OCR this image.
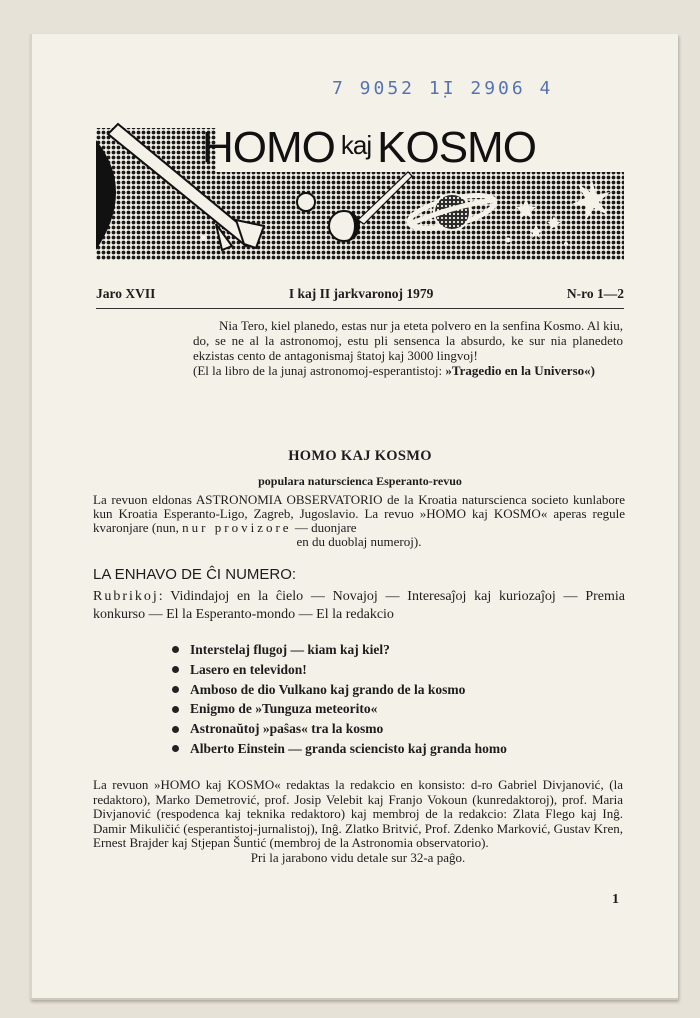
7 9052 1̣I 2906 4
HOMO kaj KOSMO
Jaro XVII	I kaj II jarkvaronoj 1979	N-ro 1—2

Nia Tero, kiel planedo, estas nur ja eteta polvero en la senfina Kosmo. Al kiu, do, se ne al la astronomoj, estu pli sensenca la absurdo, ke sur nia planedeto ekzistas cento de antagonismaj ŝtatoj kaj 3000 lingvoj!

(El la libro de la junaj astronomoj-esperantistoj: »Tragedio en la Universo«)

HOMO KAJ KOSMO
popularа natursciencа Esperanto-revuo
La revuon eldonas ASTRONOMIA OBSERVATORIO de la Kroatia natursciencа societo kunlabore kun Kroatia Esperanto-Ligo, Zagreb, Jugoslavio. La revuo »HOMO kaj KOSMO« aperas regule kvaronjare (nun, nur provizore — duonjare
en du duoblaj numeroj).
LA ENHAVO DE ĈI NUMERO:
Rubrikoj: Vidindajoj en la ĉielo — Novajoj — Interesaĵoj kaj kuriozaĵoj — Premia konkurso — El la Esperanto-mondo — El la redakcio
Interstelaj flugoj — kiam kaj kiel?
Lasero en televidon!
Amboso de dio Vulkano kaj grando de la kosmo
Enigmo de »Tunguza meteorito«
Astronaŭtoj »paŝas« tra la kosmo
Alberto Einstein — granda sciencisto kaj granda homo
La revuon »HOMO kaj KOSMO« redaktas la redakcio en konsisto: d-ro Gabriel Divjanović, (la redaktoro), Marko Demetrović, prof. Josip Velebit kaj Franjo Vokoun (kunredaktoroj), prof. Maria Divjanović (respodenca kaj teknika redaktoro) kaj membroj de la redakcio: Zlata Flego kaj Inĝ. Damir Mikuličić (esperantistoj-jurnalistoj), Inĝ. Zlatko Britvić, Prof. Zdenko Marković, Gustav Kren, Ernest Brajder kaj Stjepan Šuntić (membroj de la Astronomia observatorio).
Pri la jarabono vidu detale sur 32-a paĝo.
1
